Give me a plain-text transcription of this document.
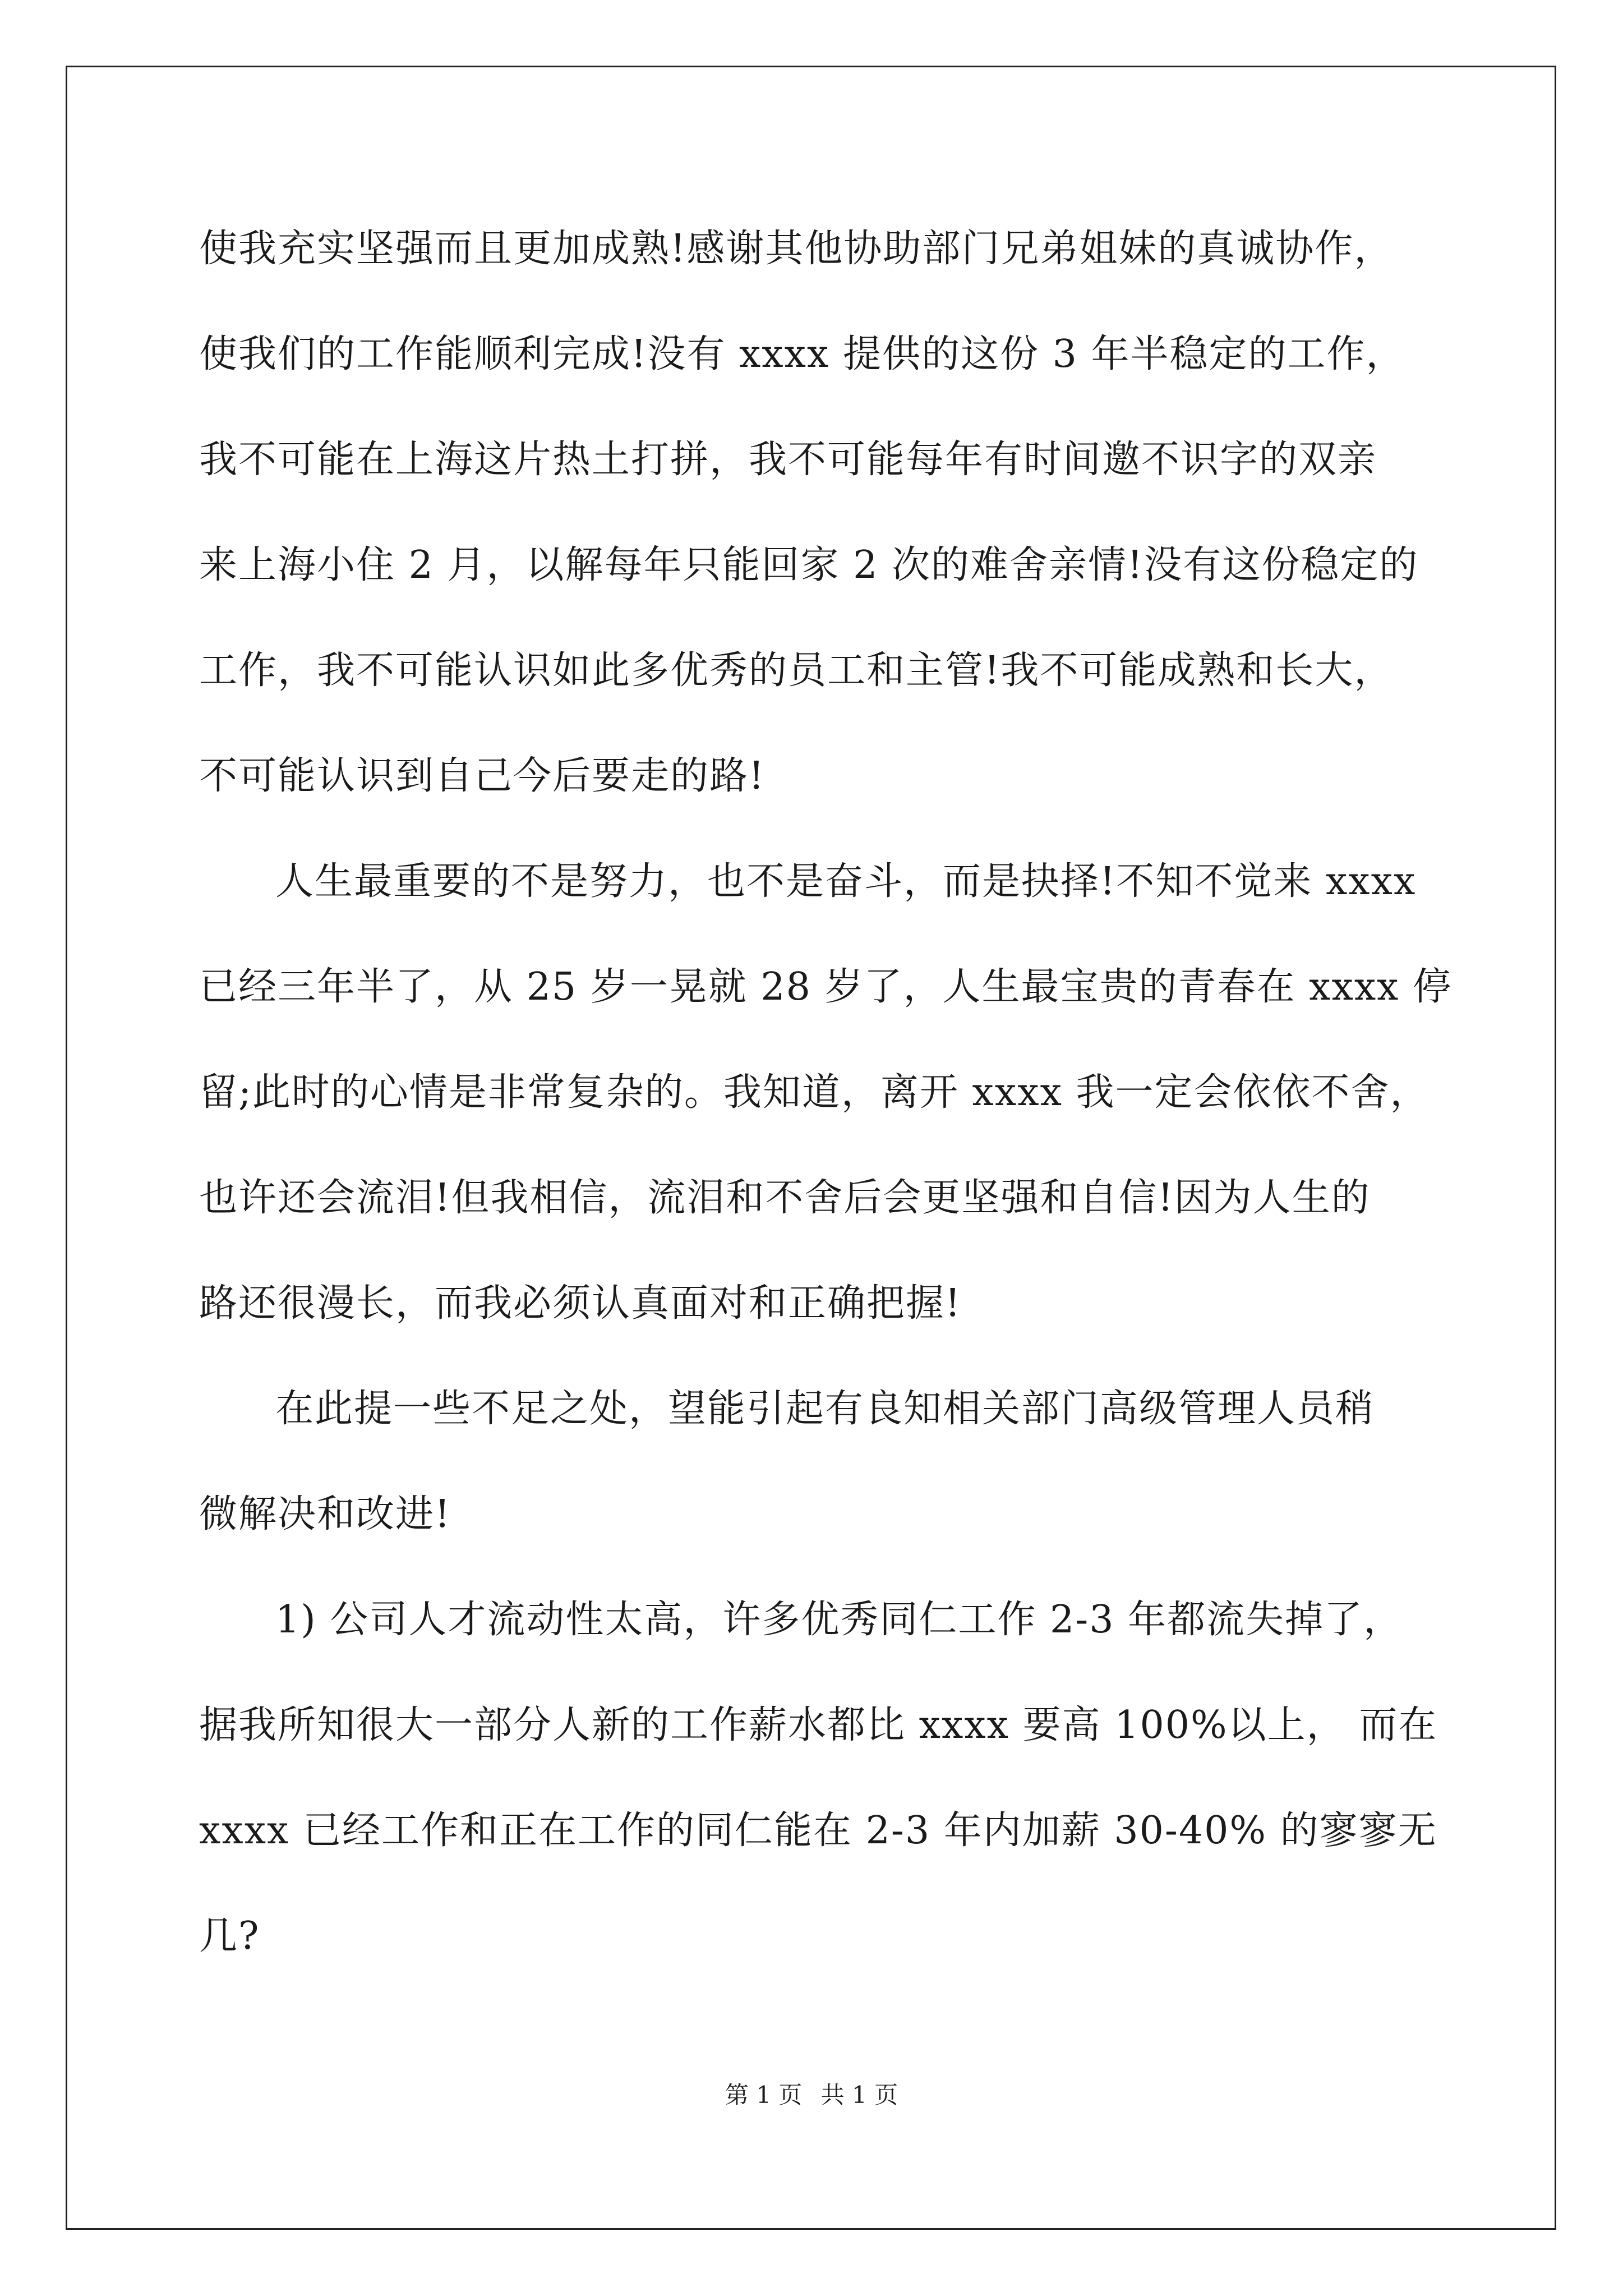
使我充实坚强而且更加成熟!感谢其他协助部门兄弟姐妹的真诚协作，
使我们的工作能顺利完成!没有 xxxx 提供的这份 3 年半稳定的工作，
我不可能在上海这片热土打拼，我不可能每年有时间邀不识字的双亲
来上海小住 2 月，以解每年只能回家 2 次的难舍亲情!没有这份稳定的
工作，我不可能认识如此多优秀的员工和主管!我不可能成熟和长大，
不可能认识到自己今后要走的路!
人生最重要的不是努力，也不是奋斗，而是抉择!不知不觉来 xxxx
已经三年半了，从 25 岁一晃就 28 岁了，人生最宝贵的青春在 xxxx 停
留;此时的心情是非常复杂的。我知道，离开 xxxx 我一定会依依不舍，
也许还会流泪!但我相信，流泪和不舍后会更坚强和自信!因为人生的
路还很漫长，而我必须认真面对和正确把握!
在此提一些不足之处，望能引起有良知相关部门高级管理人员稍
微解决和改进!
1) 公司人才流动性太高，许多优秀同仁工作 2-3 年都流失掉了，
据我所知很大一部分人新的工作薪水都比 xxxx 要高 100%以上， 而在
xxxx 已经工作和正在工作的同仁能在 2-3 年内加薪 30-40% 的寥寥无
几?
第 1 页 共 1 页
